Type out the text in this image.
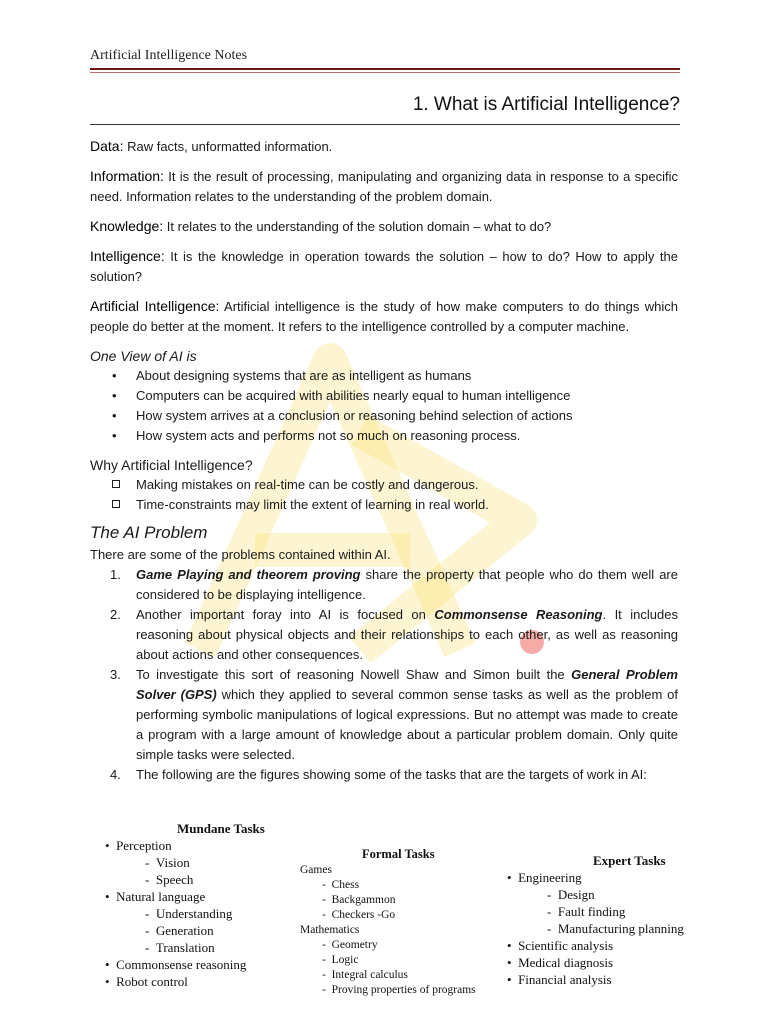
Artificial Intelligence Notes
1. What is Artificial Intelligence?

Data: Raw facts, unformatted information.

Information: It is the result of processing, manipulating and organizing data in response to a specific need. Information relates to the understanding of the problem domain.

Knowledge: It relates to the understanding of the solution domain – what to do?

Intelligence: It is the knowledge in operation towards the solution – how to do? How to apply the solution?

Artificial Intelligence: Artificial intelligence is the study of how make computers to do things which people do better at the moment. It refers to the intelligence controlled by a computer machine.

One View of AI is
• About designing systems that are as intelligent as humans
• Computers can be acquired with abilities nearly equal to human intelligence
• How system arrives at a conclusion or reasoning behind selection of actions
• How system acts and performs not so much on reasoning process.
Why Artificial Intelligence?
Making mistakes on real-time can be costly and dangerous.
Time-constraints may limit the extent of learning in real world.
The AI Problem

There are some of the problems contained within AI.

1. Game Playing and theorem proving share the property that people who do them well are considered to be displaying intelligence.
2. Another important foray into AI is focused on Commonsense Reasoning. It includes reasoning about physical objects and their relationships to each other, as well as reasoning about actions and other consequences.
3. To investigate this sort of reasoning Nowell Shaw and Simon built the General Problem Solver (GPS) which they applied to several common sense tasks as well as the problem of performing symbolic manipulations of logical expressions. But no attempt was made to create a program with a large amount of knowledge about a particular problem domain. Only quite simple tasks were selected.
4. The following are the figures showing some of the tasks that are the targets of work in AI:
Mundane Tasks
•  Perception
-  Vision
-  Speech
•  Natural language
-  Understanding
-  Generation
-  Translation
•  Commonsense reasoning
•  Robot control
Formal Tasks
Games
-  Chess
-  Backgammon
-  Checkers -Go
Mathematics
-  Geometry
-  Logic
-  Integral calculus
-  Proving properties of programs
Expert Tasks
•  Engineering
-  Design
-  Fault finding
-  Manufacturing planning
•  Scientific analysis
•  Medical diagnosis
•  Financial analysis
